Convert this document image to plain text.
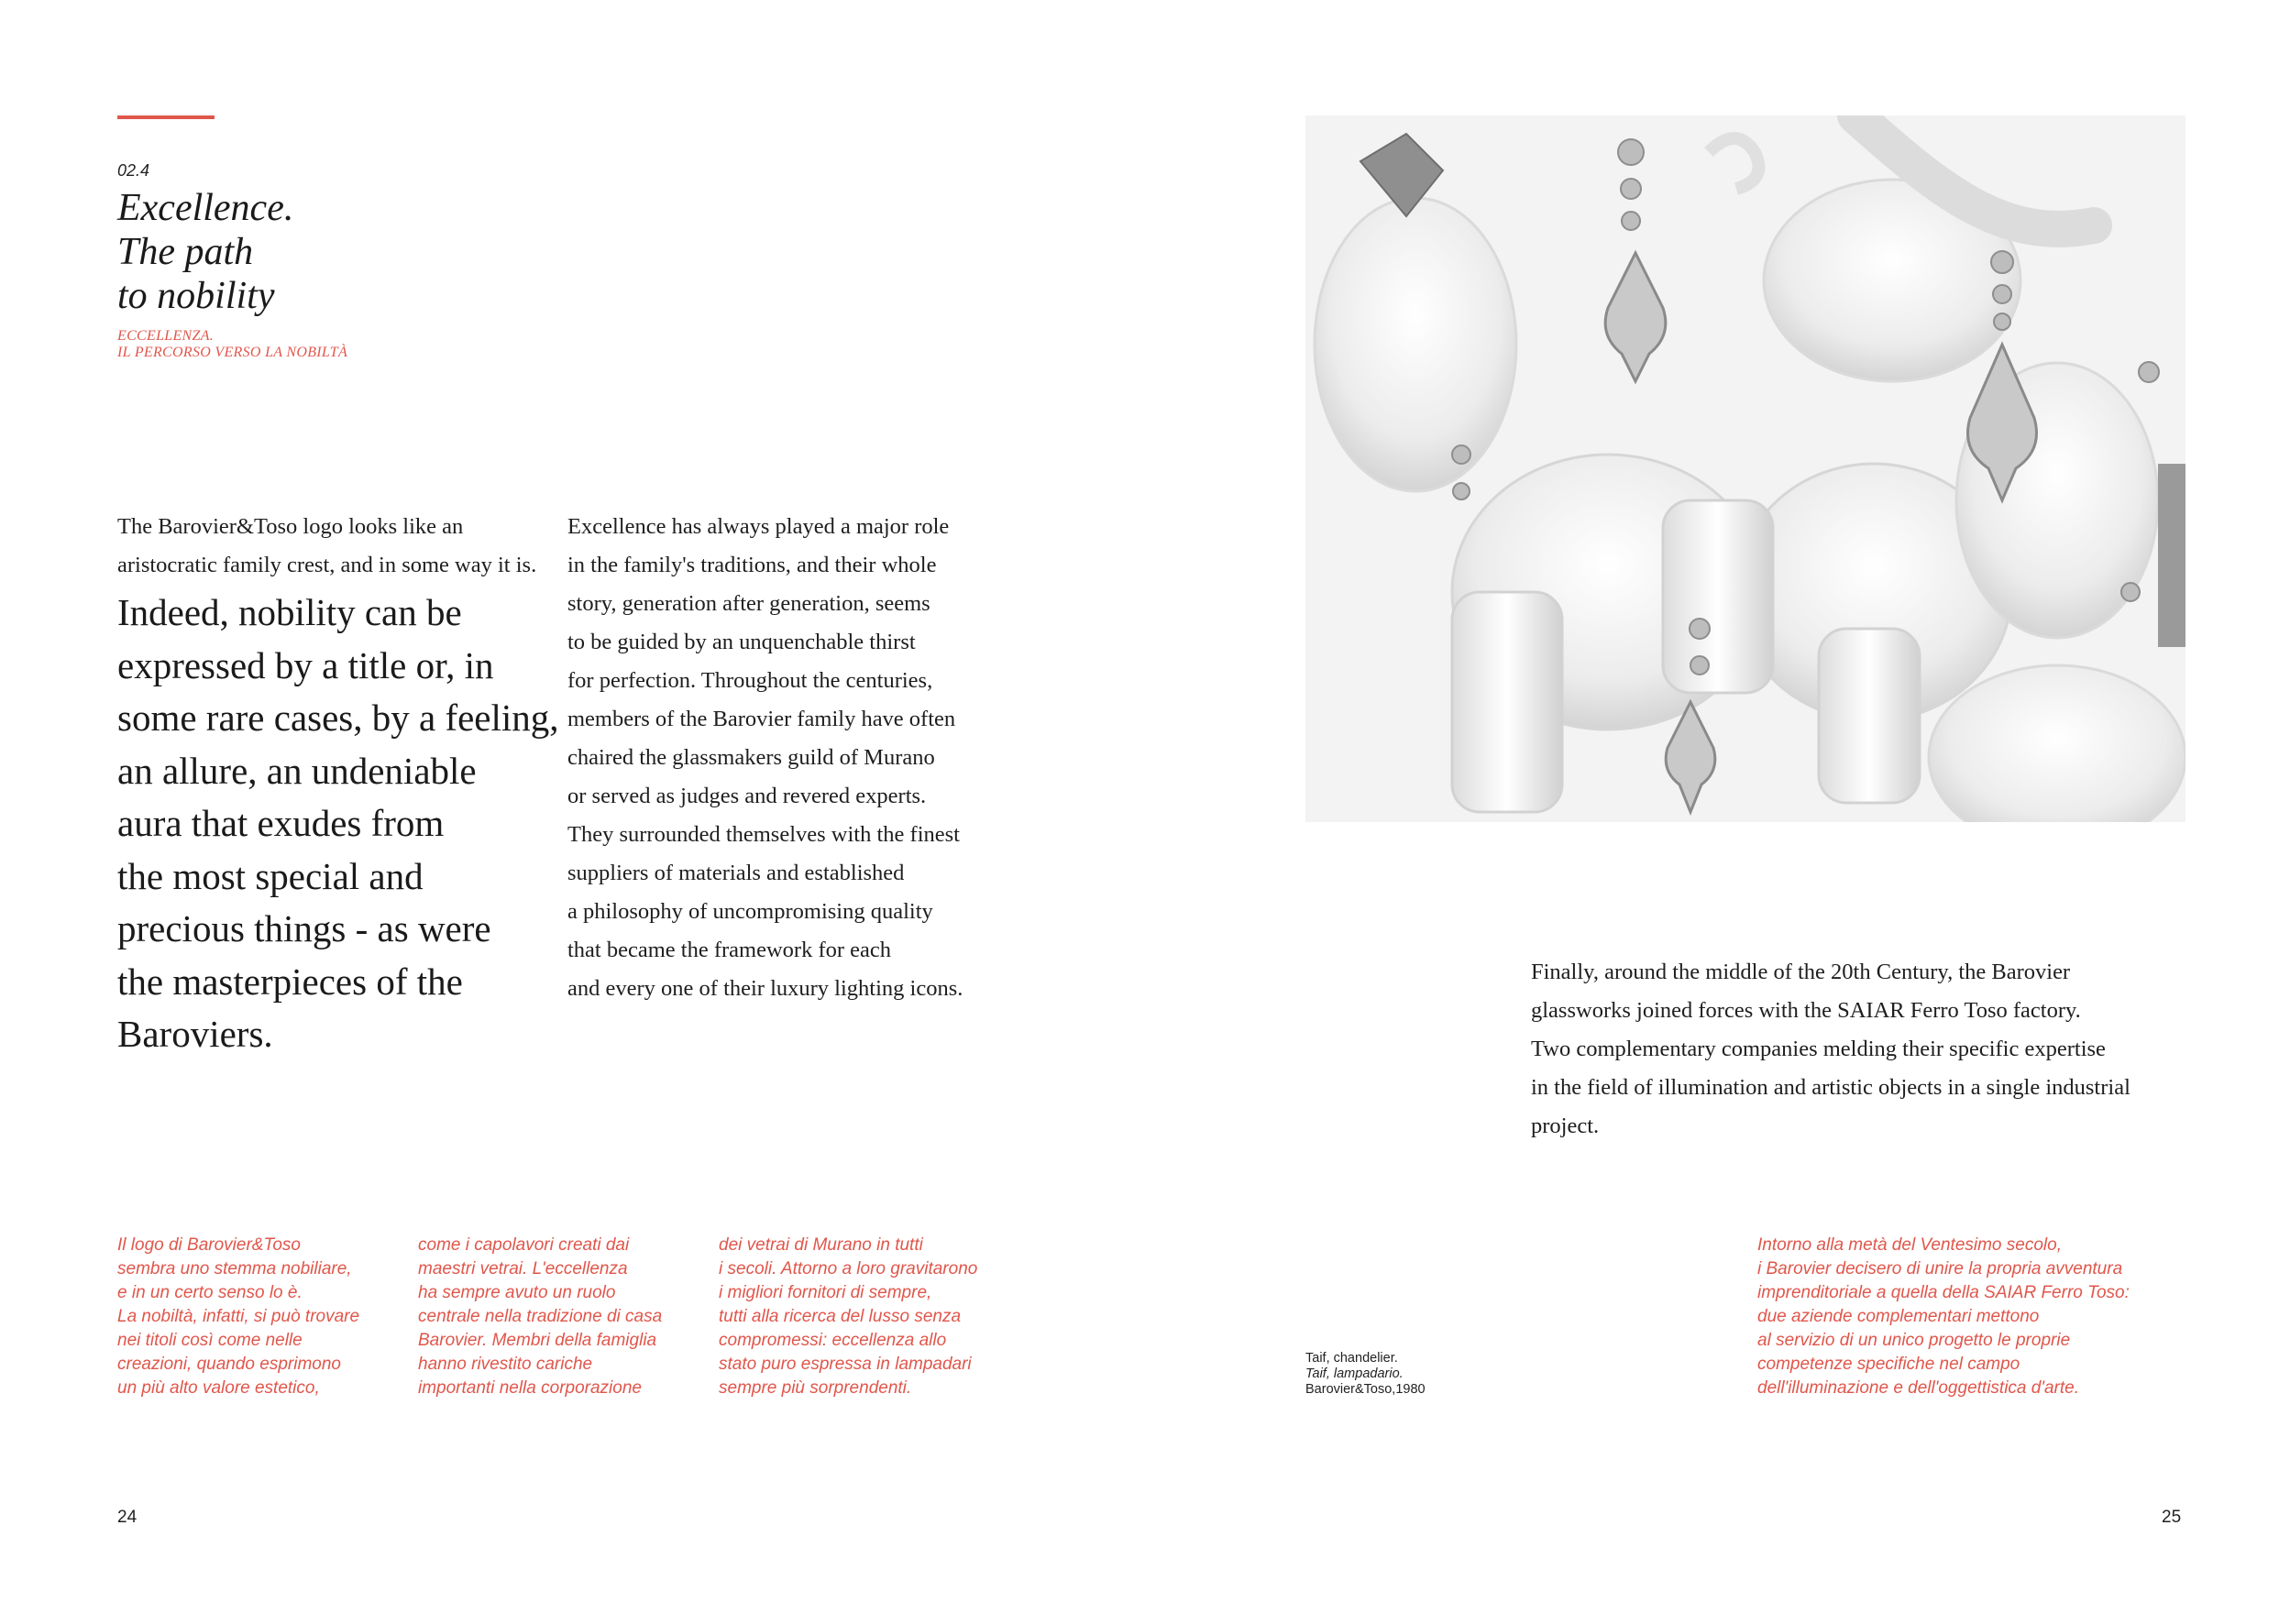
02.4
Excellence.
The path
to nobility
ECCELLENZA.
IL PERCORSO VERSO LA NOBILTÀ
The Barovier&Toso logo looks like an
aristocratic family crest, and in some way it is.
Indeed, nobility can be
expressed by a title or, in
some rare cases, by a feeling,
an allure, an undeniable
aura that exudes from
the most special and
precious things - as were
the masterpieces of the
Baroviers.
Excellence has always played a major role
in the family's traditions, and their whole
story, generation after generation, seems
to be guided by an unquenchable thirst
for perfection. Throughout the centuries,
members of the Barovier family have often
chaired the glassmakers guild of Murano
or served as judges and revered experts.
They surrounded themselves with the finest
suppliers of materials and established
a philosophy of uncompromising quality
that became the framework for each
and every one of their luxury lighting icons.
Il logo di Barovier&Toso
sembra uno stemma nobiliare,
e in un certo senso lo è.
La nobiltà, infatti, si può trovare
nei titoli così come nelle
creazioni, quando esprimono
un più alto valore estetico,
come i capolavori creati dai
maestri vetrai. L'eccellenza
ha sempre avuto un ruolo
centrale nella tradizione di casa
Barovier. Membri della famiglia
hanno rivestito cariche
importanti nella corporazione
dei vetrai di Murano in tutti
i secoli. Attorno a loro gravitarono
i migliori fornitori di sempre,
tutti alla ricerca del lusso senza
compromessi: eccellenza allo
stato puro espressa in lampadari
sempre più sorprendenti.
24
Finally, around the middle of the 20th Century, the Barovier
glassworks joined forces with the SAIAR Ferro Toso factory.
Two complementary companies melding their specific expertise
in the field of illumination and artistic objects in a single industrial
project.
Taif, chandelier.
Taif, lampadario.
Barovier&Toso,1980
Intorno alla metà del Ventesimo secolo,
i Barovier decisero di unire la propria avventura
imprenditoriale a quella della SAIAR Ferro Toso:
due aziende complementari mettono
al servizio di un unico progetto le proprie
competenze specifiche nel campo
dell'illuminazione e dell'oggettistica d'arte.
25
